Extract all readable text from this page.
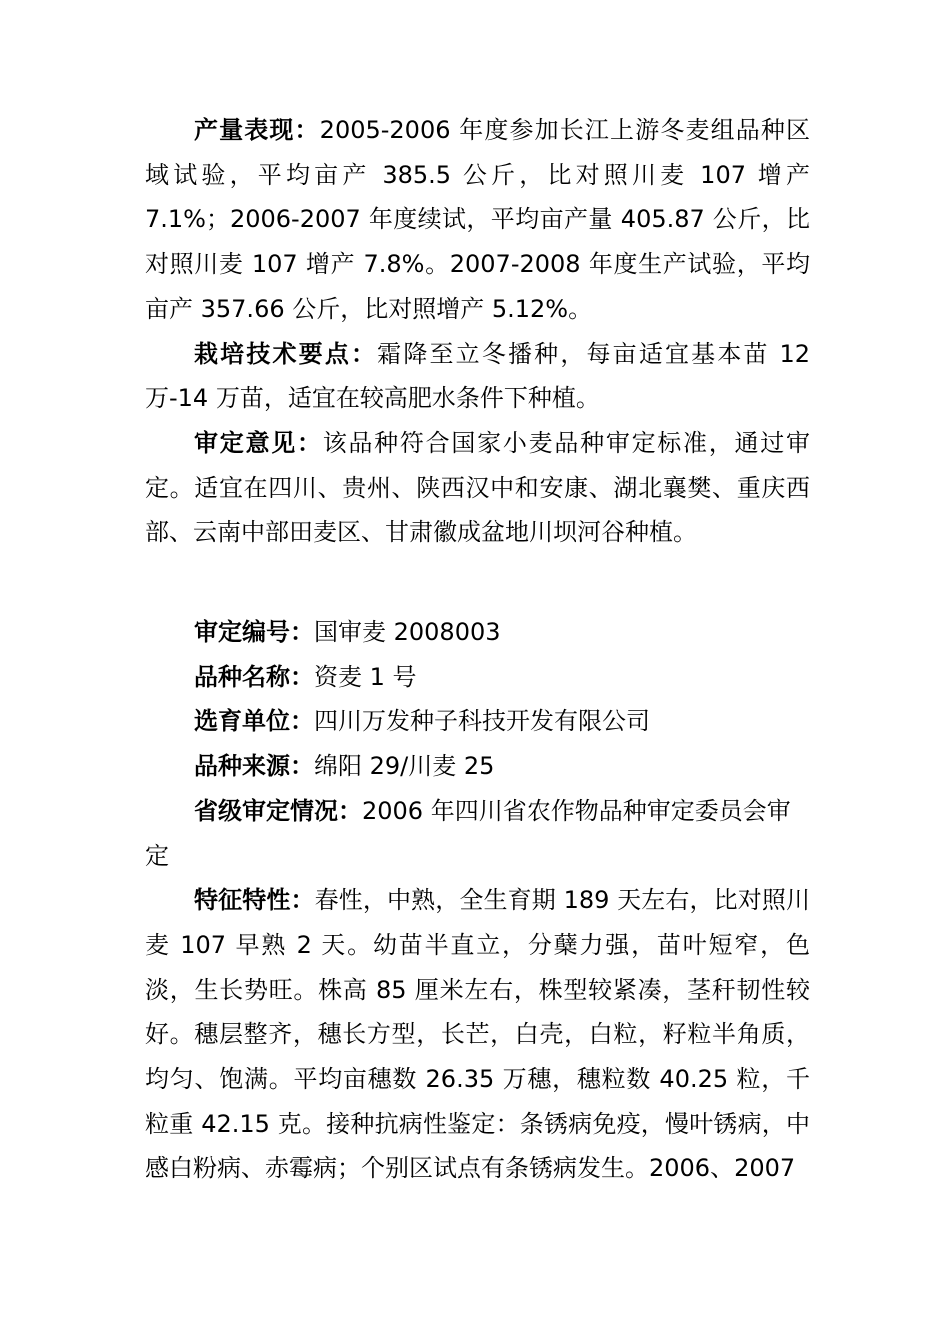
产量表现：2005-2006 年度参加长江上游冬麦组品种区域试验，平均亩产 385.5 公斤，比对照川麦 107 增产 7.1%；2006-2007 年度续试，平均亩产量 405.87 公斤，比对照川麦 107 增产 7.8%。2007-2008 年度生产试验，平均亩产 357.66 公斤，比对照增产 5.12%。

栽培技术要点：霜降至立冬播种，每亩适宜基本苗 12 万-14 万苗，适宜在较高肥水条件下种植。

审定意见：该品种符合国家小麦品种审定标准，通过审定。适宜在四川、贵州、陕西汉中和安康、湖北襄樊、重庆西部、云南中部田麦区、甘肃徽成盆地川坝河谷种植。

审定编号：国审麦 2008003

品种名称：资麦 1 号

选育单位：四川万发种子科技开发有限公司

品种来源：绵阳 29/川麦 25

省级审定情况：2006 年四川省农作物品种审定委员会审定

特征特性：春性，中熟，全生育期 189 天左右，比对照川麦 107 早熟 2 天。幼苗半直立，分蘖力强，苗叶短窄，色淡，生长势旺。株高 85 厘米左右，株型较紧凑，茎秆韧性较好。穗层整齐，穗长方型，长芒，白壳，白粒，籽粒半角质，均匀、饱满。平均亩穗数 26.35 万穗，穗粒数 40.25 粒，千粒重 42.15 克。接种抗病性鉴定：条锈病免疫，慢叶锈病，中感白粉病、赤霉病；个别区试点有条锈病发生。2006、2007
